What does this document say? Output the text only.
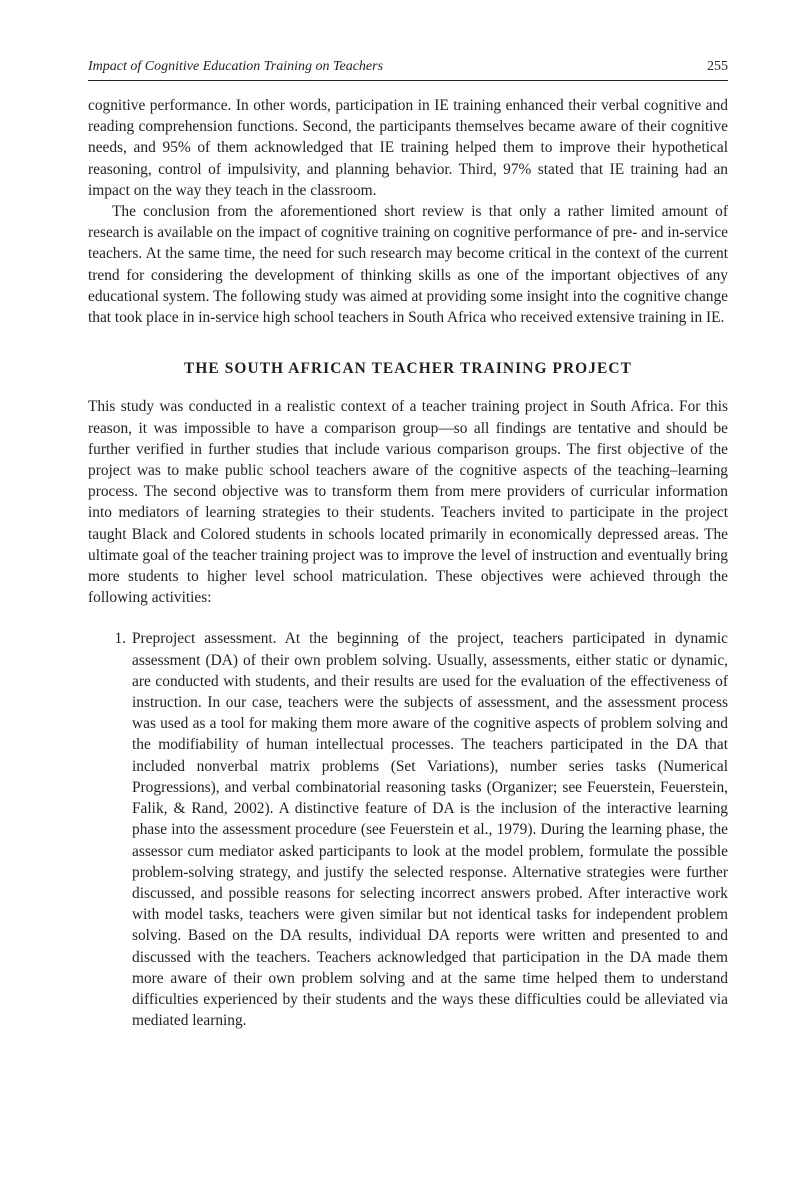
Impact of Cognitive Education Training on Teachers	255

cognitive performance. In other words, participation in IE training enhanced their verbal cognitive and reading comprehension functions. Second, the participants themselves became aware of their cognitive needs, and 95% of them acknowledged that IE training helped them to improve their hypothetical reasoning, control of impulsivity, and planning behavior. Third, 97% stated that IE training had an impact on the way they teach in the classroom.

The conclusion from the aforementioned short review is that only a rather limited amount of research is available on the impact of cognitive training on cognitive performance of pre- and in-service teachers. At the same time, the need for such research may become critical in the context of the current trend for considering the development of thinking skills as one of the important objectives of any educational system. The following study was aimed at providing some insight into the cognitive change that took place in in-service high school teachers in South Africa who received extensive training in IE.

THE SOUTH AFRICAN TEACHER TRAINING PROJECT

This study was conducted in a realistic context of a teacher training project in South Africa. For this reason, it was impossible to have a comparison group—so all findings are tentative and should be further verified in further studies that include various comparison groups. The first objective of the project was to make public school teachers aware of the cognitive aspects of the teaching–learning process. The second objective was to transform them from mere providers of curricular information into mediators of learning strategies to their students. Teachers invited to participate in the project taught Black and Colored students in schools located primarily in economically depressed areas. The ultimate goal of the teacher training project was to improve the level of instruction and eventually bring more students to higher level school matriculation. These objectives were achieved through the following activities:

1. Preproject assessment. At the beginning of the project, teachers participated in dynamic assessment (DA) of their own problem solving. Usually, assessments, either static or dynamic, are conducted with students, and their results are used for the evaluation of the effectiveness of instruction. In our case, teachers were the subjects of assessment, and the assessment process was used as a tool for making them more aware of the cognitive aspects of problem solving and the modifiability of human intellectual processes. The teachers participated in the DA that included nonverbal matrix problems (Set Variations), number series tasks (Numerical Progressions), and verbal combinatorial reasoning tasks (Organizer; see Feuerstein, Feuerstein, Falik, & Rand, 2002). A distinctive feature of DA is the inclusion of the interactive learning phase into the assessment procedure (see Feuerstein et al., 1979). During the learning phase, the assessor cum mediator asked participants to look at the model problem, formulate the possible problem-solving strategy, and justify the selected response. Alternative strategies were further discussed, and possible reasons for selecting incorrect answers probed. After interactive work with model tasks, teachers were given similar but not identical tasks for independent problem solving. Based on the DA results, individual DA reports were written and presented to and discussed with the teachers. Teachers acknowledged that participation in the DA made them more aware of their own problem solving and at the same time helped them to understand difficulties experienced by their students and the ways these difficulties could be alleviated via mediated learning.
